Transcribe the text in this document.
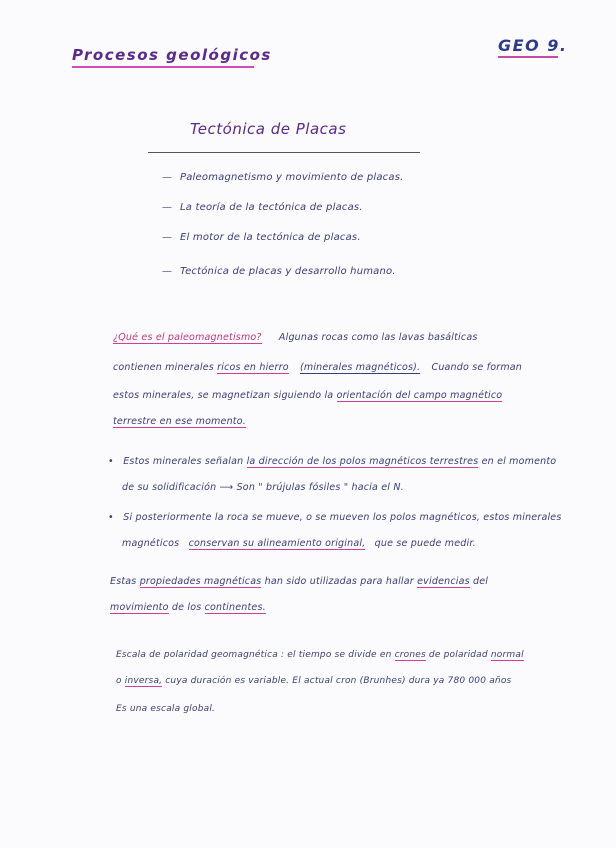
Procesos geológicos	GEO 9.
Tectónica de Placas
— Paleomagnetismo y movimiento de placas.
— La teoría de la tectónica de placas.
— El motor de la tectónica de placas.
— Tectónica de placas y desarrollo humano.
¿Qué es el paleomagnetismo? Algunas rocas como las lavas basálticas
contienen minerales ricos en hierro (minerales magnéticos). Cuando se forman
estos minerales, se magnetizan siguiendo la orientación del campo magnético
terrestre en ese momento.
• Estos minerales señalan la dirección de los polos magnéticos terrestres en el momento
de su solidificación ⟶ Son " brújulas fósiles " hacia el N.
• Si posteriormente la roca se mueve, o se mueven los polos magnéticos, estos minerales
magnéticos conservan su alineamiento original, que se puede medir.
Estas propiedades magnéticas han sido utilizadas para hallar evidencias del
movimiento de los continentes.
Escala de polaridad geomagnética : el tiempo se divide en crones de polaridad normal
o inversa, cuya duración es variable. El actual cron (Brunhes) dura ya 780 000 años
Es una escala global.
